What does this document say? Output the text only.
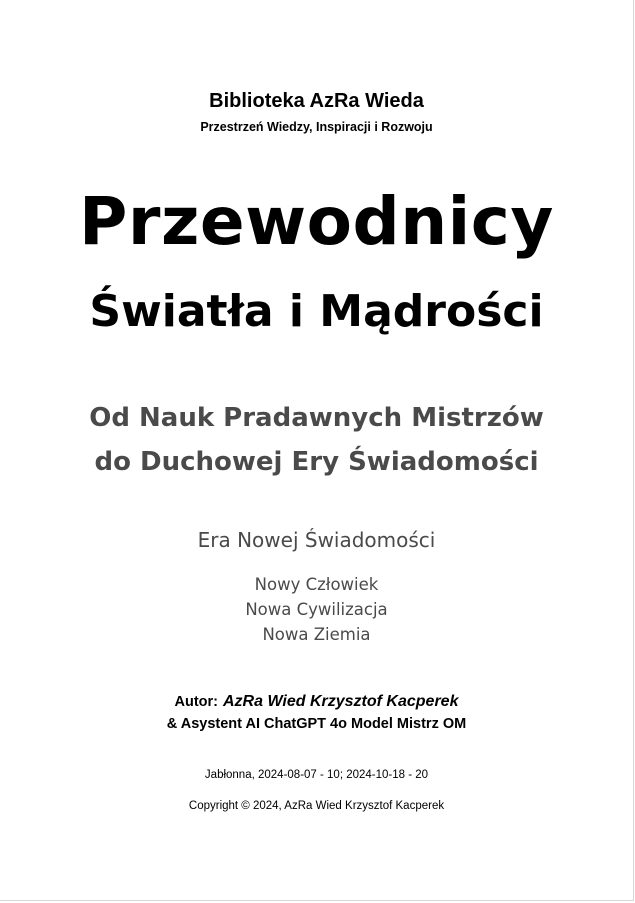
Biblioteka AzRa Wieda
Przestrzeń Wiedzy, Inspiracji i Rozwoju
Przewodnicy
Światła i Mądrości
Od Nauk Pradawnych Mistrzów
do Duchowej Ery Świadomości
Era Nowej Świadomości
Nowy Człowiek
Nowa Cywilizacja
Nowa Ziemia
Autor: AzRa Wied Krzysztof Kacperek
& Asystent AI ChatGPT 4o Model Mistrz OM
Jabłonna, 2024-08-07 - 10; 2024-10-18 - 20
Copyright © 2024, AzRa Wied Krzysztof Kacperek
